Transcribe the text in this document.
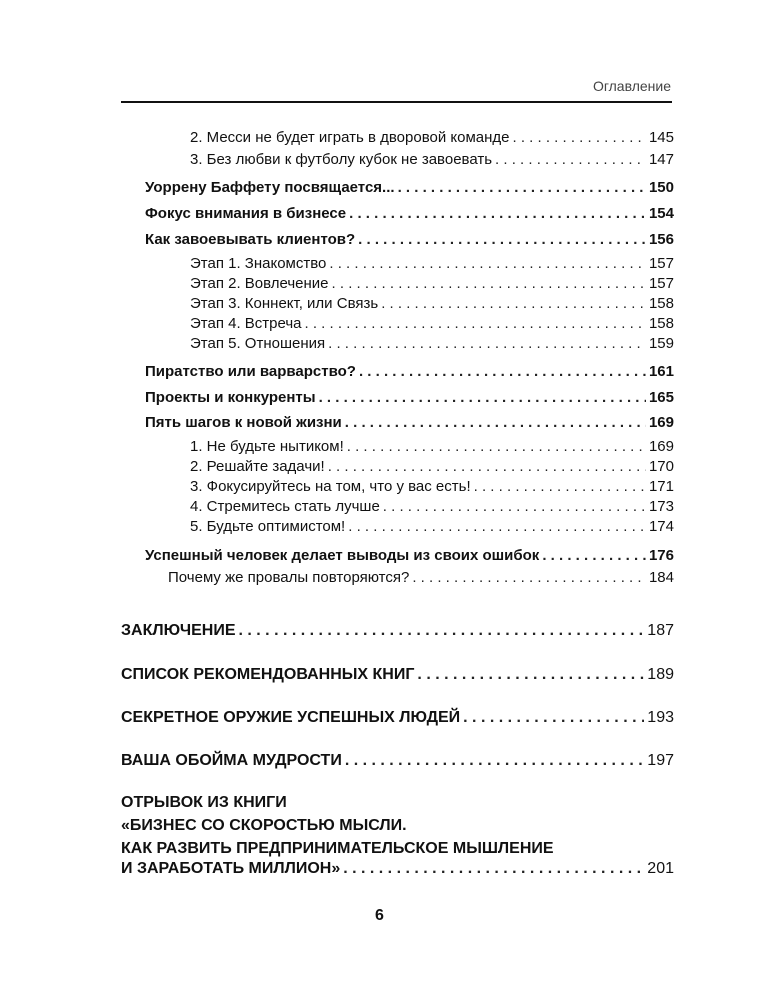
Оглавление
2. Месси не будет играть в дворовой команде . . .	145
3. Без любви к футболу кубок не завоевать . . .	147
Уоррену Баффету посвящается... . . .	150
Фокус внимания в бизнесе . . .	154
Как завоевывать клиентов? . . .	156
Этап 1. Знакомство . . .	157
Этап 2. Вовлечение . . .	157
Этап 3. Коннект, или Связь . . .	158
Этап 4. Встреча . . .	158
Этап 5. Отношения . . .	159
Пиратство или варварство? . . .	161
Проекты и конкуренты . . .	165
Пять шагов к новой жизни . . .	169
1. Не будьте нытиком! . . .	169
2. Решайте задачи! . . .	170
3. Фокусируйтесь на том, что у вас есть! . . .	171
4. Стремитесь стать лучше . . .	173
5. Будьте оптимистом! . . .	174
Успешный человек делает выводы из своих ошибок . . .	176
Почему же провалы повторяются? . . .	184
ЗАКЛЮЧЕНИЕ . . .	187
СПИСОК РЕКОМЕНДОВАННЫХ КНИГ . . .	189
СЕКРЕТНОЕ ОРУЖИЕ УСПЕШНЫХ ЛЮДЕЙ . . .	193
ВАША ОБОЙМА МУДРОСТИ . . .	197
ОТРЫВОК ИЗ КНИГИ
«БИЗНЕС СО СКОРОСТЬЮ МЫСЛИ.
КАК РАЗВИТЬ ПРЕДПРИНИМАТЕЛЬСКОЕ МЫШЛЕНИЕ
И ЗАРАБОТАТЬ МИЛЛИОН» . . .	201
6
